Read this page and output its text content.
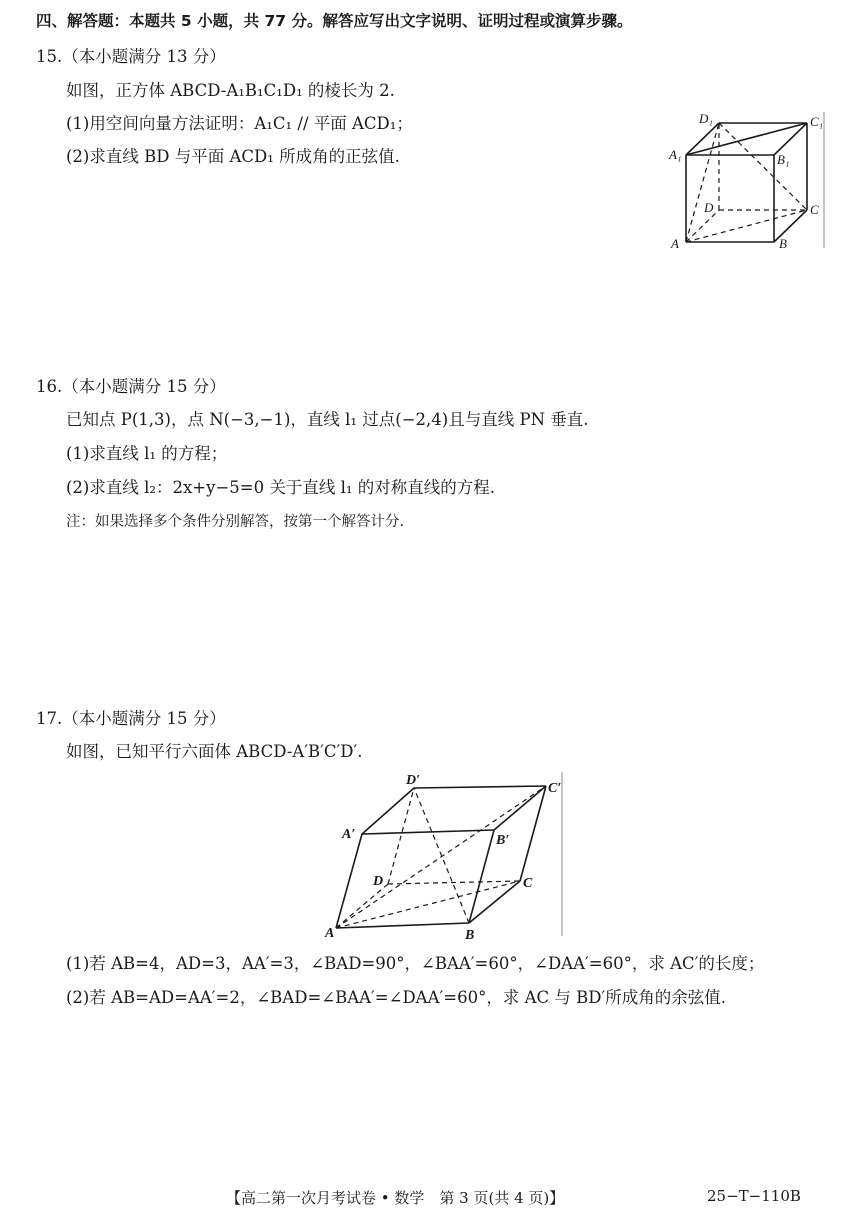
四、解答题：本题共 5 小题，共 77 分。解答应写出文字说明、证明过程或演算步骤。
15.（本小题满分 13 分）
如图，正方体 ABCD-A₁B₁C₁D₁ 的棱长为 2.
(1)用空间向量方法证明：A₁C₁ // 平面 ACD₁；
(2)求直线 BD 与平面 ACD₁ 所成角的正弦值.
D₁	C₁
A₁	B₁
D	C
A	B
16.（本小题满分 15 分）
已知点 P(1,3)，点 N(−3,−1)，直线 l₁ 过点(−2,4)且与直线 PN 垂直.
(1)求直线 l₁ 的方程；
(2)求直线 l₂：2x+y−5=0 关于直线 l₁ 的对称直线的方程.
注：如果选择多个条件分别解答，按第一个解答计分.
17.（本小题满分 15 分）
如图，已知平行六面体 ABCD-A′B′C′D′.
D′
C′
A′	B′
D	C
A	B
(1)若 AB=4，AD=3，AA′=3，∠BAD=90°，∠BAA′=60°，∠DAA′=60°，求 AC′的长度；
(2)若 AB=AD=AA′=2，∠BAD=∠BAA′=∠DAA′=60°，求 AC 与 BD′所成角的余弦值.
【高二第一次月考试卷 • 数学　第 3 页(共 4 页)】	25−T−110B
